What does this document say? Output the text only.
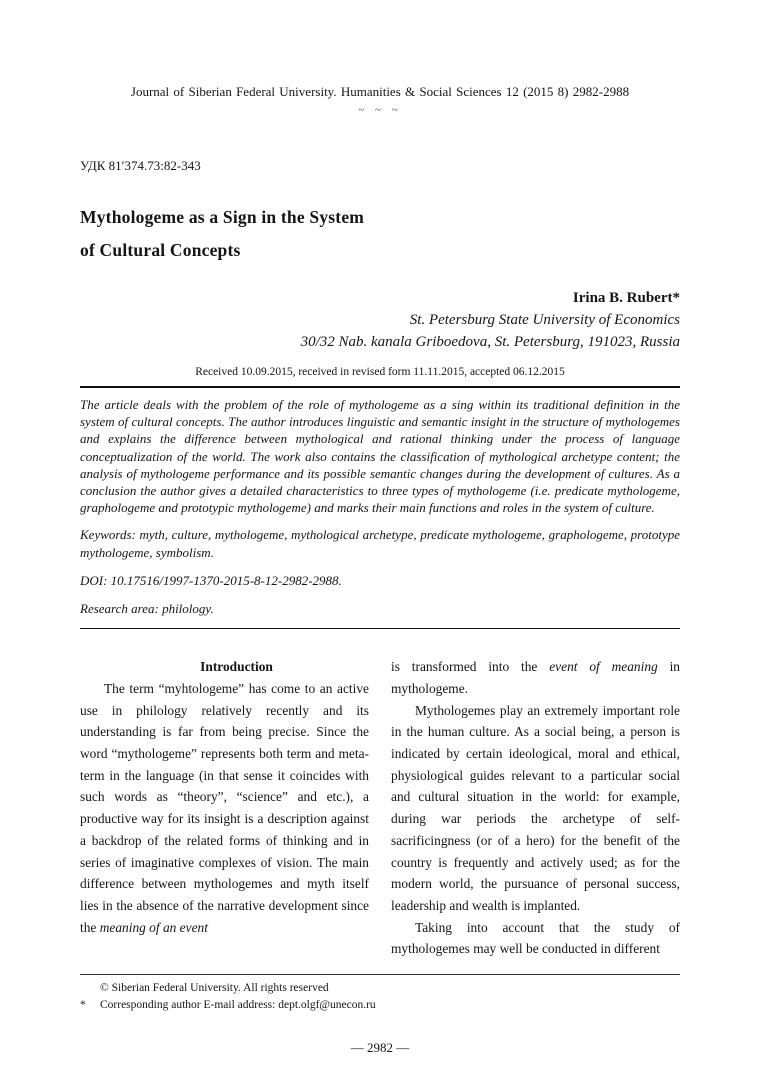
Journal of Siberian Federal University. Humanities & Social Sciences 12 (2015 8) 2982-2988
~ ~ ~
УДК 81′374.73:82-343
Mythologeme as a Sign in the System
of Cultural Concepts
Irina B. Rubert*
St. Petersburg State University of Economics
30/32 Nab. kanala Griboedova, St. Petersburg, 191023, Russia
Received 10.09.2015, received in revised form 11.11.2015, accepted 06.12.2015

The article deals with the problem of the role of mythologeme as a sing within its traditional definition in the system of cultural concepts. The author introduces linguistic and semantic insight in the structure of mythologemes and explains the difference between mythological and rational thinking under the process of language conceptualization of the world. The work also contains the classification of mythological archetype content; the analysis of mythologeme performance and its possible semantic changes during the development of cultures. As a conclusion the author gives a detailed characteristics to three types of mythologeme (i.e. predicate mythologeme, graphologeme and prototypic mythologeme) and marks their main functions and roles in the system of culture.

Keywords: myth, culture, mythologeme, mythological archetype, predicate mythologeme, graphologeme, prototype mythologeme, symbolism.

DOI: 10.17516/1997-1370-2015-8-12-2982-2988.

Research area: philology.

Introduction

The term “myhtologeme” has come to an active use in philology relatively recently and its understanding is far from being precise. Since the word “mythologeme” represents both term and meta-term in the language (in that sense it coincides with such words as “theory”, “science” and etc.), a productive way for its insight is a description against a backdrop of the related forms of thinking and in series of imaginative complexes of vision. The main difference between mythologemes and myth itself lies in the absence of the narrative development since the meaning of an event

is transformed into the event of meaning in mythologeme.

Mythologemes play an extremely important role in the human culture. As a social being, a person is indicated by certain ideological, moral and ethical, physiological guides relevant to a particular social and cultural situation in the world: for example, during war periods the archetype of self-sacrificingness (or of a hero) for the benefit of the country is frequently and actively used; as for the modern world, the pursuance of personal success, leadership and wealth is implanted.

Taking into account that the study of mythologemes may well be conducted in different

© Siberian Federal University. All rights reserved
*	Corresponding author E-mail address: dept.olgf@unecon.ru
— 2982 —
